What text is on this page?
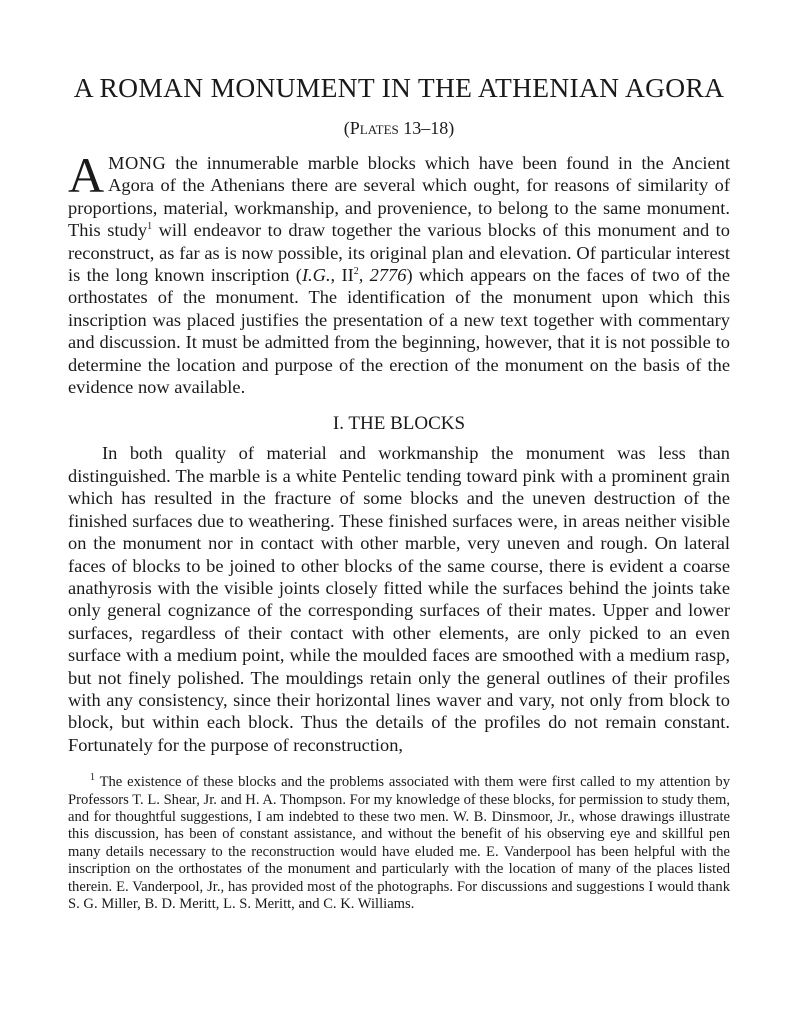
A ROMAN MONUMENT IN THE ATHENIAN AGORA
(Plates 13–18)

AMONG the innumerable marble blocks which have been found in the Ancient Agora of the Athenians there are several which ought, for reasons of similarity of proportions, material, workmanship, and provenience, to belong to the same monument. This study$^1$ will endeavor to draw together the various blocks of this monument and to reconstruct, as far as is now possible, its original plan and elevation. Of particular interest is the long known inscription (I.G., $II^2$, 2776) which appears on the faces of two of the orthostates of the monument. The identification of the monument upon which this inscription was placed justifies the presentation of a new text together with commentary and discussion. It must be admitted from the beginning, however, that it is not possible to determine the location and purpose of the erection of the monument on the basis of the evidence now available.

I. THE BLOCKS

In both quality of material and workmanship the monument was less than distinguished. The marble is a white Pentelic tending toward pink with a prominent grain which has resulted in the fracture of some blocks and the uneven destruction of the finished surfaces due to weathering. These finished surfaces were, in areas neither visible on the monument nor in contact with other marble, very uneven and rough. On lateral faces of blocks to be joined to other blocks of the same course, there is evident a coarse anathyrosis with the visible joints closely fitted while the surfaces behind the joints take only general cognizance of the corresponding surfaces of their mates. Upper and lower surfaces, regardless of their contact with other elements, are only picked to an even surface with a medium point, while the moulded faces are smoothed with a medium rasp, but not finely polished. The mouldings retain only the general outlines of their profiles with any consistency, since their horizontal lines waver and vary, not only from block to block, but within each block. Thus the details of the profiles do not remain constant. Fortunately for the purpose of reconstruction,

$^1$ The existence of these blocks and the problems associated with them were first called to my attention by Professors T. L. Shear, Jr. and H. A. Thompson. For my knowledge of these blocks, for permission to study them, and for thoughtful suggestions, I am indebted to these two men. W. B. Dinsmoor, Jr., whose drawings illustrate this discussion, has been of constant assistance, and without the benefit of his observing eye and skillful pen many details necessary to the reconstruction would have eluded me. E. Vanderpool has been helpful with the inscription on the orthostates of the monument and particularly with the location of many of the places listed therein. E. Vanderpool, Jr., has provided most of the photographs. For discussions and suggestions I would thank S. G. Miller, B. D. Meritt, L. S. Meritt, and C. K. Williams.
